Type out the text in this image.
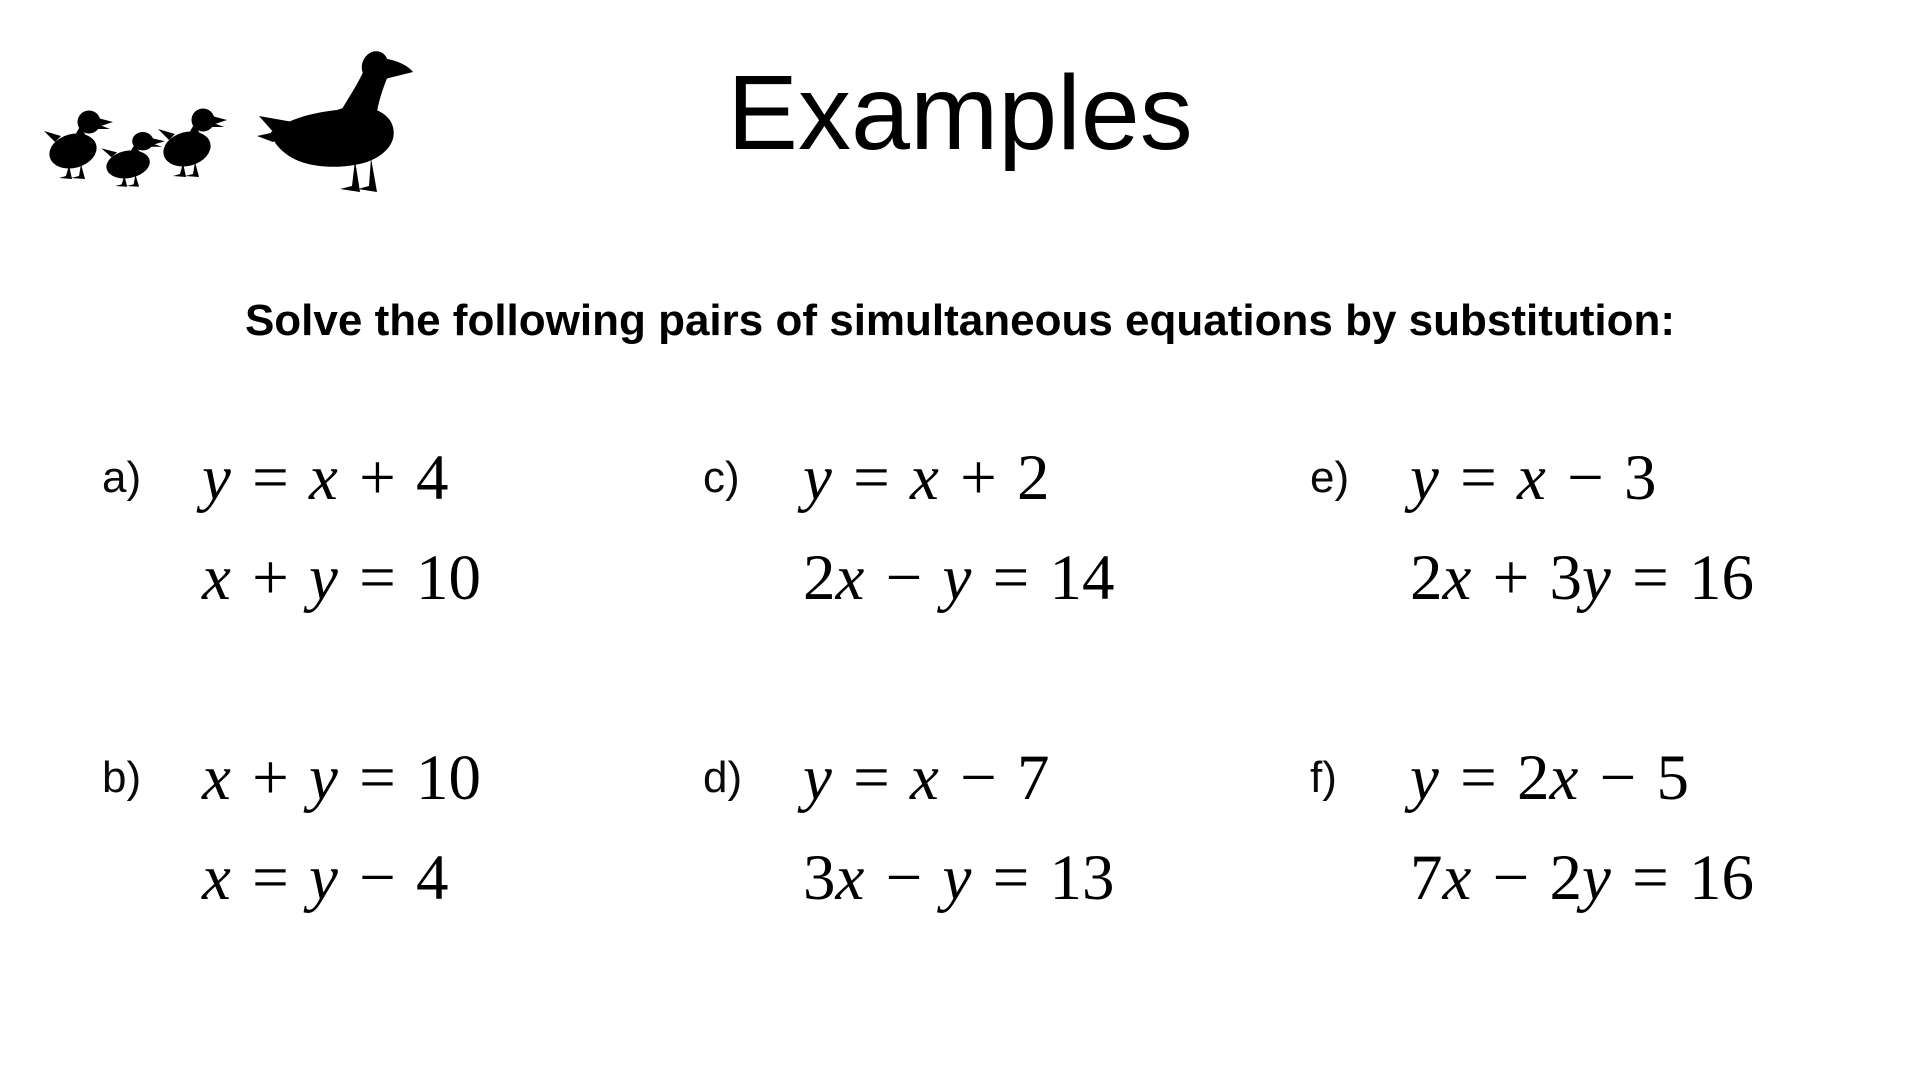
Examples
Solve the following pairs of simultaneous equations by substitution:
a) y = x + 4
x + y = 10
c) y = x + 2
2x − y = 14
e) y = x − 3
2x + 3y = 16
b) x + y = 10
x = y − 4
d) y = x − 7
3x − y = 13
f)	y = 2x − 5
7x − 2y = 16
